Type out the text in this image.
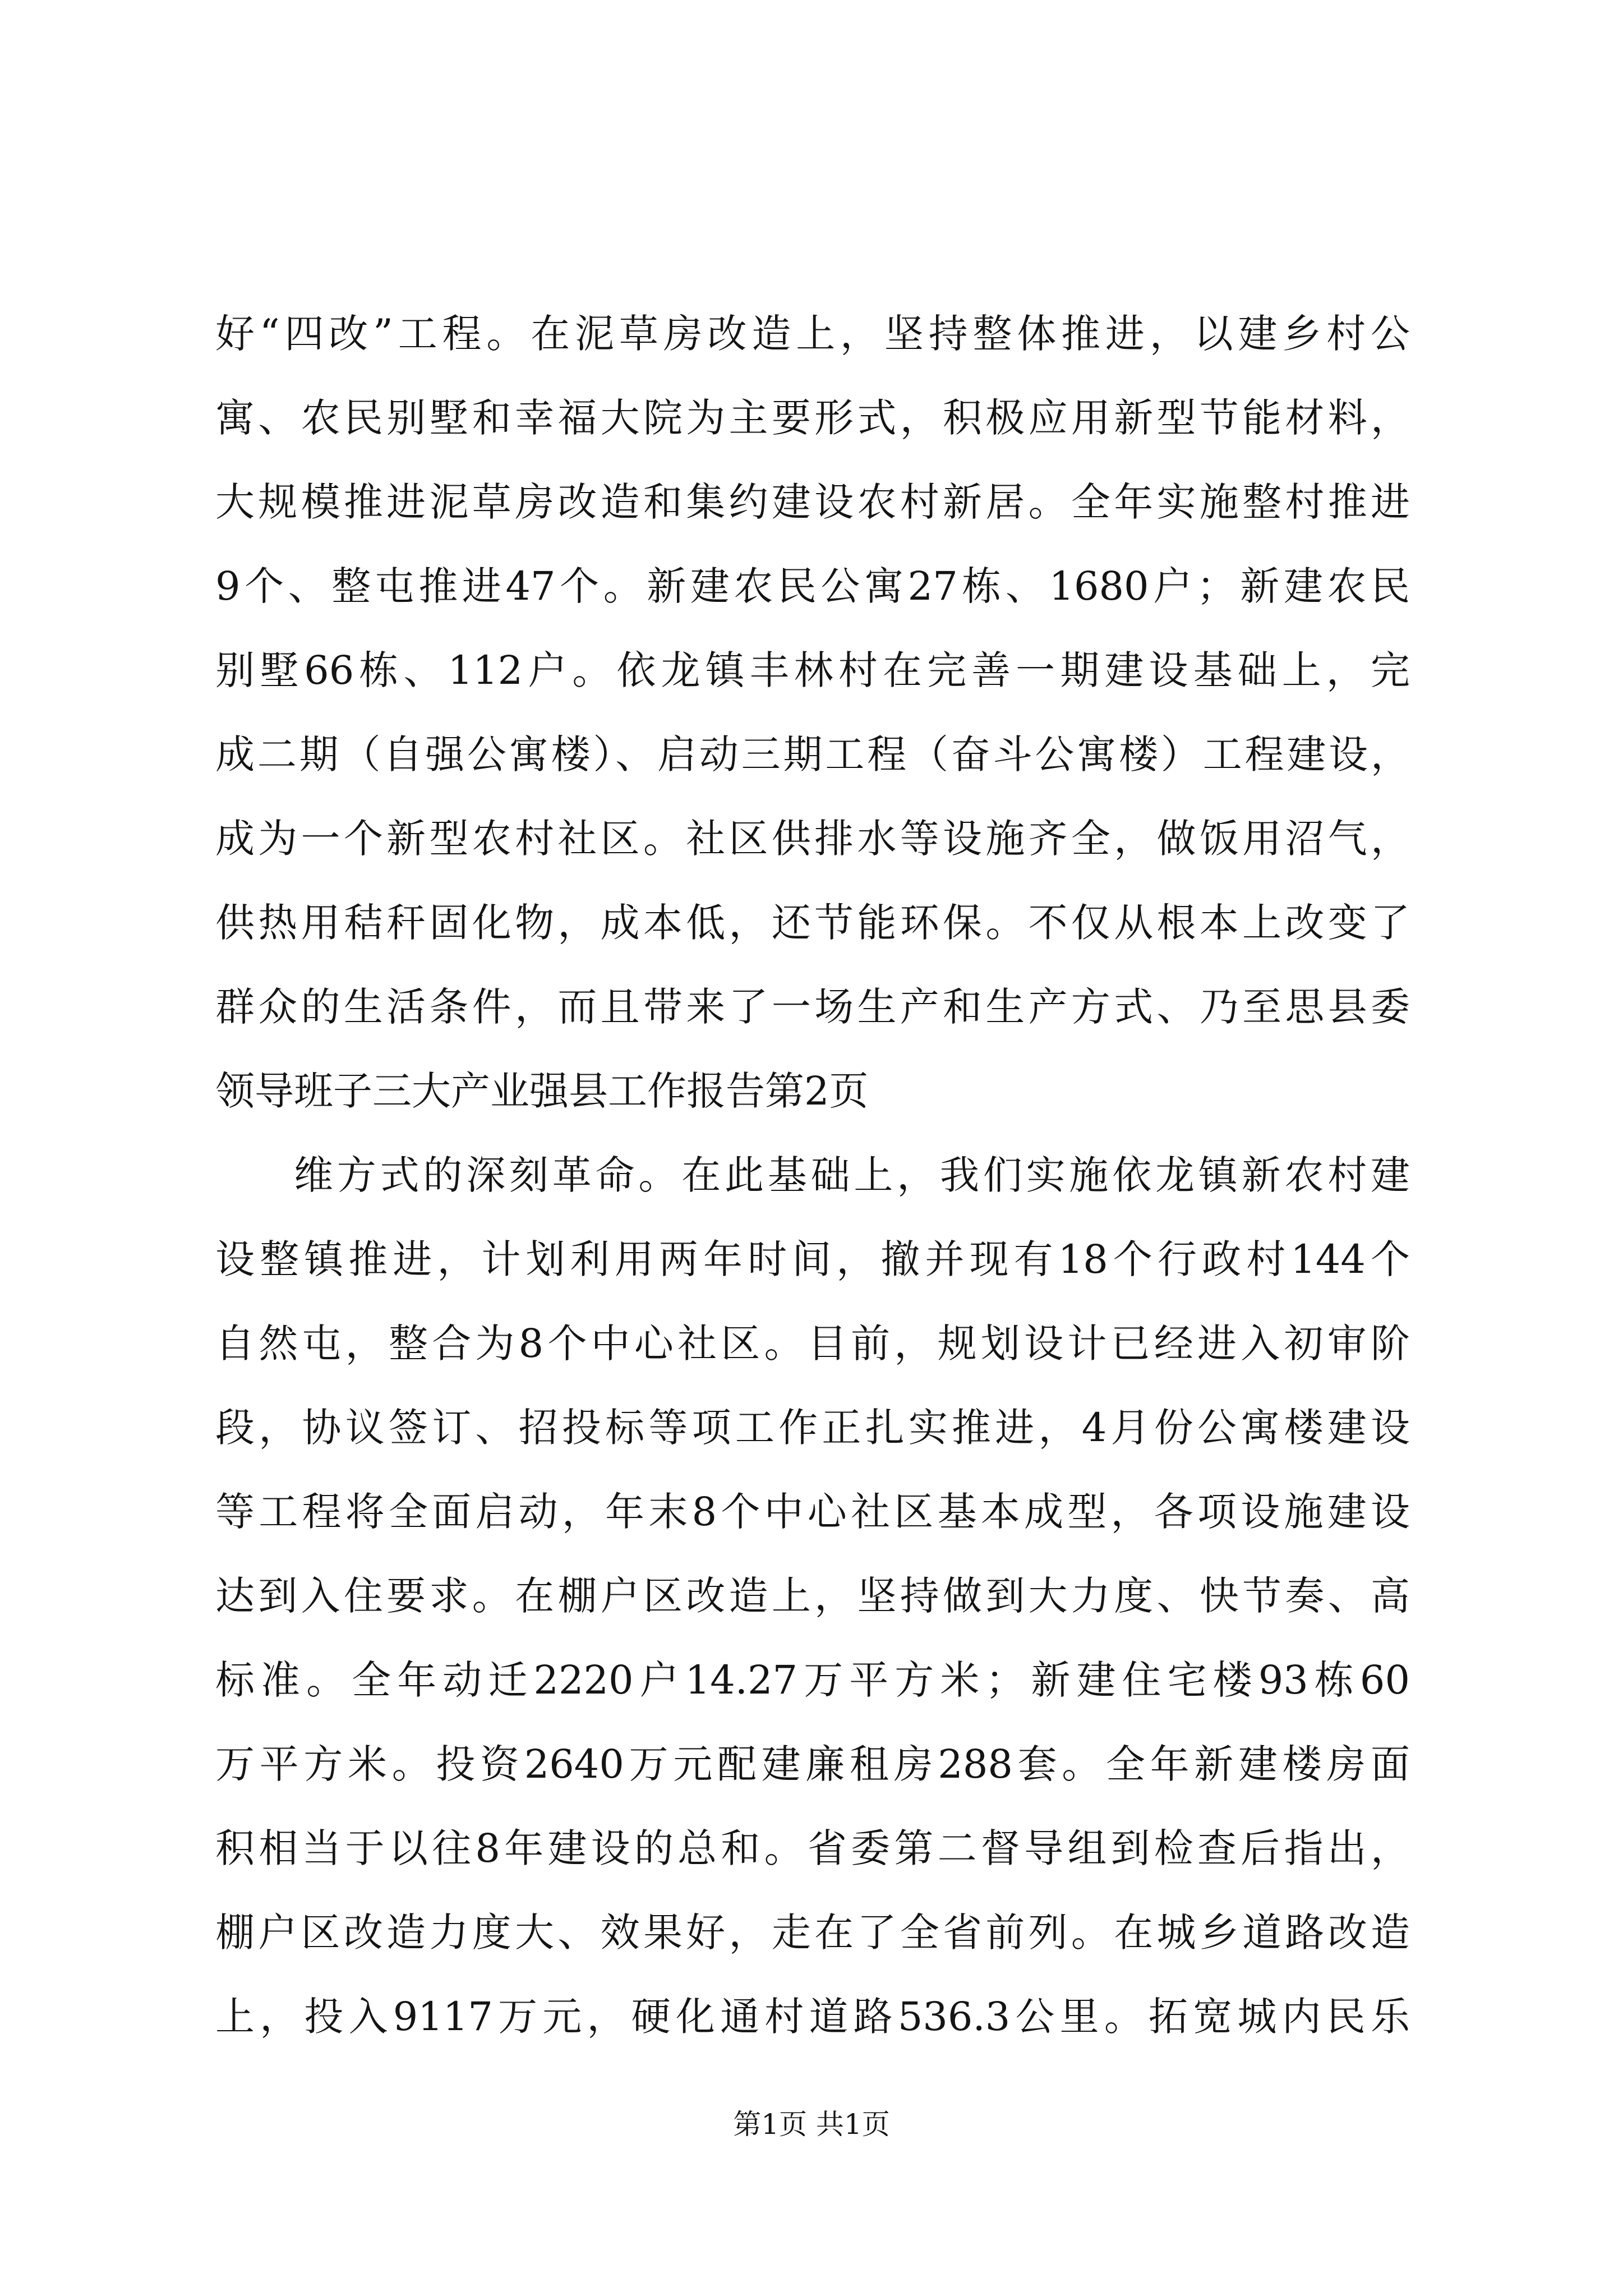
好“四改”工程。在泥草房改造上，坚持整体推进，以建乡村公
寓、农民别墅和幸福大院为主要形式，积极应用新型节能材料，
大规模推进泥草房改造和集约建设农村新居。全年实施整村推进
9个、整屯推进47个。新建农民公寓27栋、1680户；新建农民
别墅66栋、112户。依龙镇丰林村在完善一期建设基础上，完
成二期（自强公寓楼）、启动三期工程（奋斗公寓楼）工程建设，
成为一个新型农村社区。社区供排水等设施齐全，做饭用沼气，
供热用秸秆固化物，成本低，还节能环保。不仅从根本上改变了
群众的生活条件，而且带来了一场生产和生产方式、乃至思县委
领导班子三大产业强县工作报告第2页
维方式的深刻革命。在此基础上，我们实施依龙镇新农村建
设整镇推进，计划利用两年时间，撤并现有18个行政村144个
自然屯，整合为8个中心社区。目前，规划设计已经进入初审阶
段，协议签订、招投标等项工作正扎实推进，4月份公寓楼建设
等工程将全面启动，年末8个中心社区基本成型，各项设施建设
达到入住要求。在棚户区改造上，坚持做到大力度、快节奏、高
标准。全年动迁2220户14.27万平方米；新建住宅楼93栋60
万平方米。投资2640万元配建廉租房288套。全年新建楼房面
积相当于以往8年建设的总和。省委第二督导组到检查后指出，
棚户区改造力度大、效果好，走在了全省前列。在城乡道路改造
上，投入9117万元，硬化通村道路536.3公里。拓宽城内民乐
第1页 共1页
